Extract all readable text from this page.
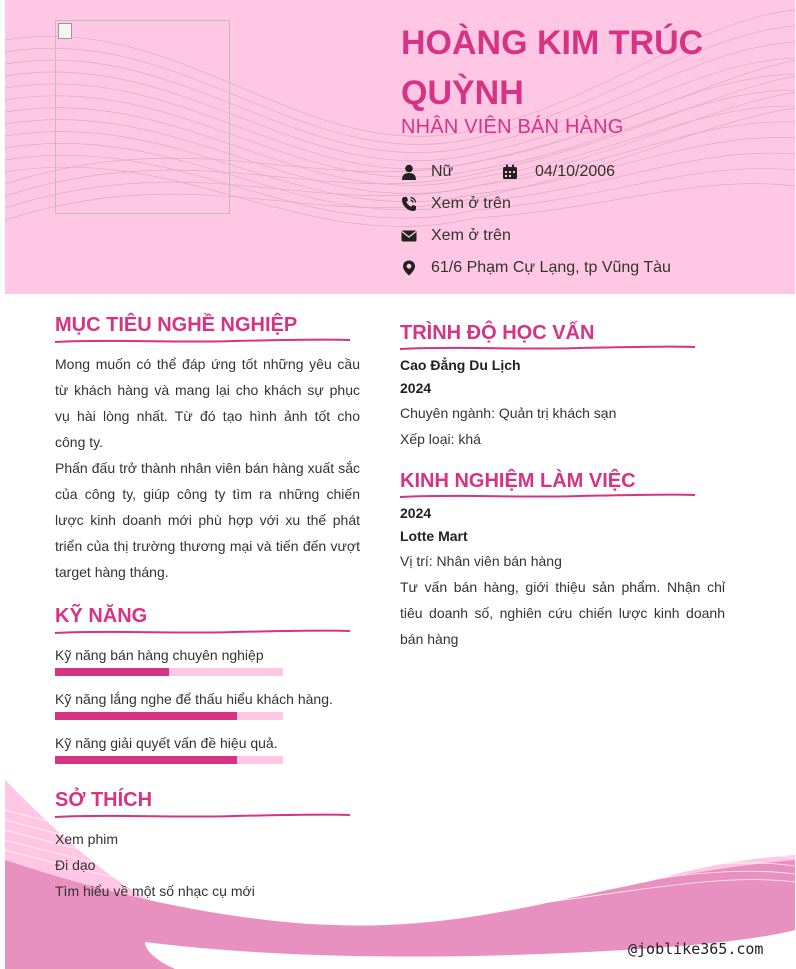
HOÀNG KIM TRÚC QUỲNH
NHÂN VIÊN BÁN HÀNG
Nữ	04/10/2006
Xem ở trên
Xem ở trên
61/6 Phạm Cự Lạng, tp Vũng Tàu
MỤC TIÊU NGHỀ NGHIỆP

Mong muốn có thể đáp ứng tốt những yêu cầu từ khách hàng và mang lại cho khách sự phục vụ hài lòng nhất. Từ đó tạo hình ảnh tốt cho công ty.

Phấn đấu trở thành nhân viên bán hàng xuất sắc của công ty, giúp công ty tìm ra những chiến lược kinh doanh mới phù hợp với xu thế phát triển của thị trường thương mại và tiến đến vượt target hàng tháng.

KỸ NĂNG
Kỹ năng bán hàng chuyên nghiệp
Kỹ năng lắng nghe để thấu hiểu khách hàng.
Kỹ năng giải quyết vấn đề hiệu quả.
SỞ THÍCH
Xem phim
Đi dạo
Tìm hiểu về một số nhạc cụ mới
TRÌNH ĐỘ HỌC VẤN
Cao Đẳng Du Lịch
2024
Chuyên ngành: Quản trị khách sạn
Xếp loại: khá
KINH NGHIỆM LÀM VIỆC
2024
Lotte Mart
Vị trí: Nhân viên bán hàng

Tư vấn bán hàng, giới thiệu sản phẩm. Nhận chỉ tiêu doanh số, nghiên cứu chiến lược kinh doanh bán hàng

@joblike365.com
